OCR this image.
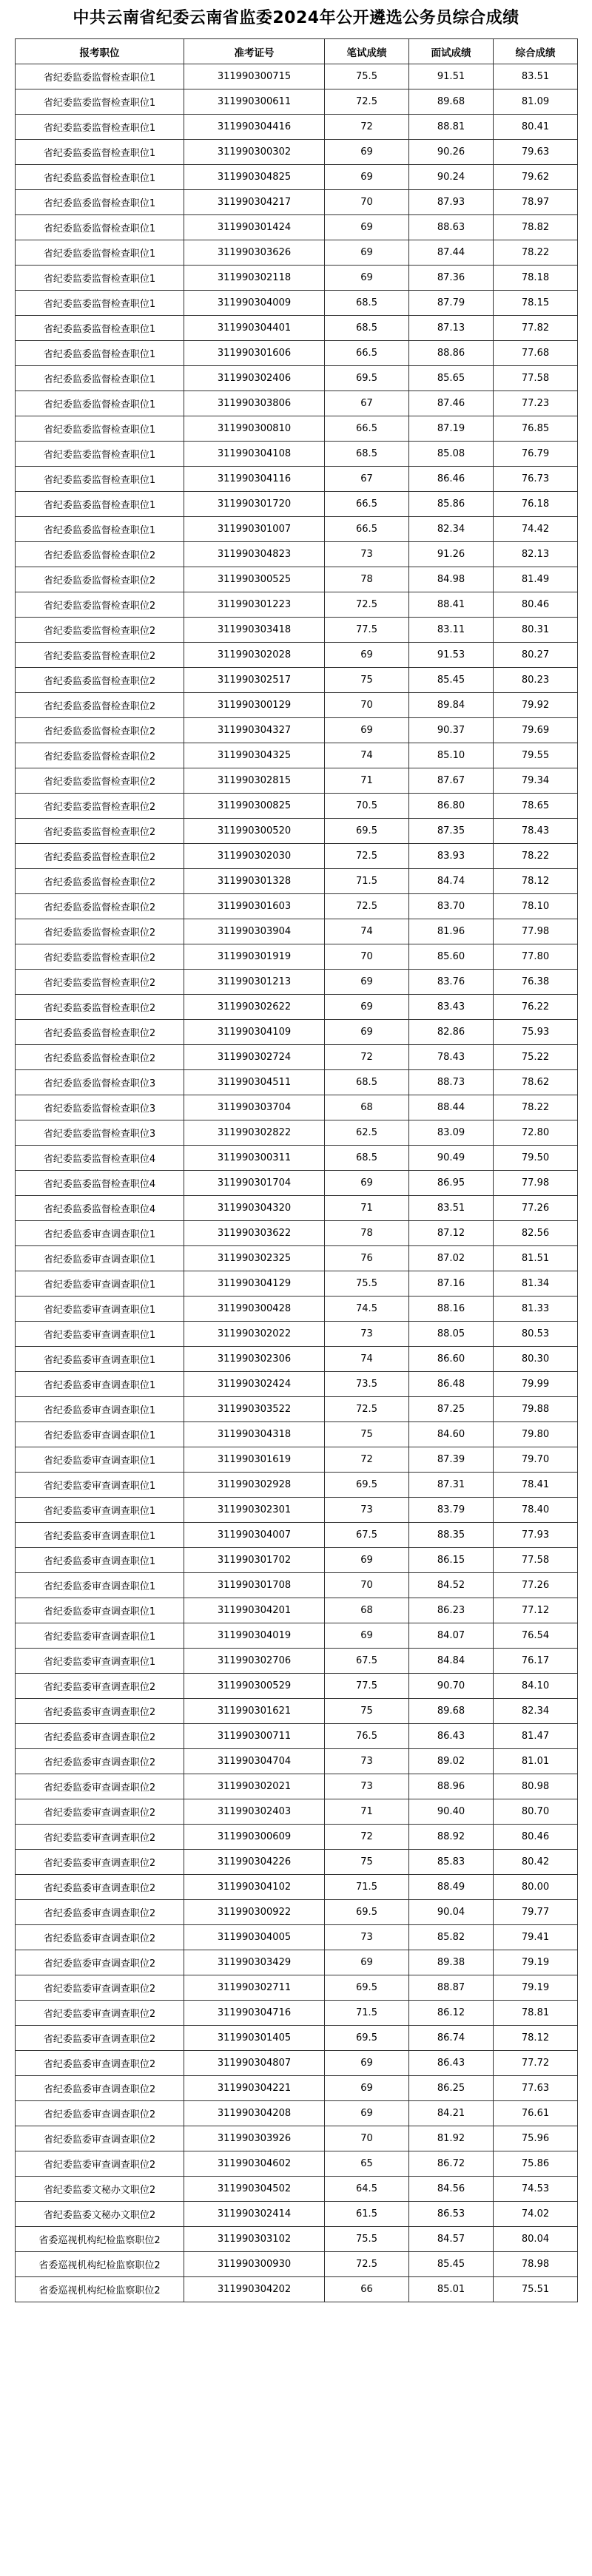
中共云南省纪委云南省监委2024年公开遴选公务员综合成绩
报考职位	准考证号	笔试成绩	面试成绩	综合成绩
省纪委监委监督检查职位1	311990300715	75.5	91.51	83.51
省纪委监委监督检查职位1	311990300611	72.5	89.68	81.09
省纪委监委监督检查职位1	311990304416	72	88.81	80.41
省纪委监委监督检查职位1	311990300302	69	90.26	79.63
省纪委监委监督检查职位1	311990304825	69	90.24	79.62
省纪委监委监督检查职位1	311990304217	70	87.93	78.97
省纪委监委监督检查职位1	311990301424	69	88.63	78.82
省纪委监委监督检查职位1	311990303626	69	87.44	78.22
省纪委监委监督检查职位1	311990302118	69	87.36	78.18
省纪委监委监督检查职位1	311990304009	68.5	87.79	78.15
省纪委监委监督检查职位1	311990304401	68.5	87.13	77.82
省纪委监委监督检查职位1	311990301606	66.5	88.86	77.68
省纪委监委监督检查职位1	311990302406	69.5	85.65	77.58
省纪委监委监督检查职位1	311990303806	67	87.46	77.23
省纪委监委监督检查职位1	311990300810	66.5	87.19	76.85
省纪委监委监督检查职位1	311990304108	68.5	85.08	76.79
省纪委监委监督检查职位1	311990304116	67	86.46	76.73
省纪委监委监督检查职位1	311990301720	66.5	85.86	76.18
省纪委监委监督检查职位1	311990301007	66.5	82.34	74.42
省纪委监委监督检查职位2	311990304823	73	91.26	82.13
省纪委监委监督检查职位2	311990300525	78	84.98	81.49
省纪委监委监督检查职位2	311990301223	72.5	88.41	80.46
省纪委监委监督检查职位2	311990303418	77.5	83.11	80.31
省纪委监委监督检查职位2	311990302028	69	91.53	80.27
省纪委监委监督检查职位2	311990302517	75	85.45	80.23
省纪委监委监督检查职位2	311990300129	70	89.84	79.92
省纪委监委监督检查职位2	311990304327	69	90.37	79.69
省纪委监委监督检查职位2	311990304325	74	85.10	79.55
省纪委监委监督检查职位2	311990302815	71	87.67	79.34
省纪委监委监督检查职位2	311990300825	70.5	86.80	78.65
省纪委监委监督检查职位2	311990300520	69.5	87.35	78.43
省纪委监委监督检查职位2	311990302030	72.5	83.93	78.22
省纪委监委监督检查职位2	311990301328	71.5	84.74	78.12
省纪委监委监督检查职位2	311990301603	72.5	83.70	78.10
省纪委监委监督检查职位2	311990303904	74	81.96	77.98
省纪委监委监督检查职位2	311990301919	70	85.60	77.80
省纪委监委监督检查职位2	311990301213	69	83.76	76.38
省纪委监委监督检查职位2	311990302622	69	83.43	76.22
省纪委监委监督检查职位2	311990304109	69	82.86	75.93
省纪委监委监督检查职位2	311990302724	72	78.43	75.22
省纪委监委监督检查职位3	311990304511	68.5	88.73	78.62
省纪委监委监督检查职位3	311990303704	68	88.44	78.22
省纪委监委监督检查职位3	311990302822	62.5	83.09	72.80
省纪委监委监督检查职位4	311990300311	68.5	90.49	79.50
省纪委监委监督检查职位4	311990301704	69	86.95	77.98
省纪委监委监督检查职位4	311990304320	71	83.51	77.26
省纪委监委审查调查职位1	311990303622	78	87.12	82.56
省纪委监委审查调查职位1	311990302325	76	87.02	81.51
省纪委监委审查调查职位1	311990304129	75.5	87.16	81.34
省纪委监委审查调查职位1	311990300428	74.5	88.16	81.33
省纪委监委审查调查职位1	311990302022	73	88.05	80.53
省纪委监委审查调查职位1	311990302306	74	86.60	80.30
省纪委监委审查调查职位1	311990302424	73.5	86.48	79.99
省纪委监委审查调查职位1	311990303522	72.5	87.25	79.88
省纪委监委审查调查职位1	311990304318	75	84.60	79.80
省纪委监委审查调查职位1	311990301619	72	87.39	79.70
省纪委监委审查调查职位1	311990302928	69.5	87.31	78.41
省纪委监委审查调查职位1	311990302301	73	83.79	78.40
省纪委监委审查调查职位1	311990304007	67.5	88.35	77.93
省纪委监委审查调查职位1	311990301702	69	86.15	77.58
省纪委监委审查调查职位1	311990301708	70	84.52	77.26
省纪委监委审查调查职位1	311990304201	68	86.23	77.12
省纪委监委审查调查职位1	311990304019	69	84.07	76.54
省纪委监委审查调查职位1	311990302706	67.5	84.84	76.17
省纪委监委审查调查职位2	311990300529	77.5	90.70	84.10
省纪委监委审查调查职位2	311990301621	75	89.68	82.34
省纪委监委审查调查职位2	311990300711	76.5	86.43	81.47
省纪委监委审查调查职位2	311990304704	73	89.02	81.01
省纪委监委审查调查职位2	311990302021	73	88.96	80.98
省纪委监委审查调查职位2	311990302403	71	90.40	80.70
省纪委监委审查调查职位2	311990300609	72	88.92	80.46
省纪委监委审查调查职位2	311990304226	75	85.83	80.42
省纪委监委审查调查职位2	311990304102	71.5	88.49	80.00
省纪委监委审查调查职位2	311990300922	69.5	90.04	79.77
省纪委监委审查调查职位2	311990304005	73	85.82	79.41
省纪委监委审查调查职位2	311990303429	69	89.38	79.19
省纪委监委审查调查职位2	311990302711	69.5	88.87	79.19
省纪委监委审查调查职位2	311990304716	71.5	86.12	78.81
省纪委监委审查调查职位2	311990301405	69.5	86.74	78.12
省纪委监委审查调查职位2	311990304807	69	86.43	77.72
省纪委监委审查调查职位2	311990304221	69	86.25	77.63
省纪委监委审查调查职位2	311990304208	69	84.21	76.61
省纪委监委审查调查职位2	311990303926	70	81.92	75.96
省纪委监委审查调查职位2	311990304602	65	86.72	75.86
省纪委监委文秘办文职位2	311990304502	64.5	84.56	74.53
省纪委监委文秘办文职位2	311990302414	61.5	86.53	74.02
省委巡视机构纪检监察职位2	311990303102	75.5	84.57	80.04
省委巡视机构纪检监察职位2	311990300930	72.5	85.45	78.98
省委巡视机构纪检监察职位2	311990304202	66	85.01	75.51
